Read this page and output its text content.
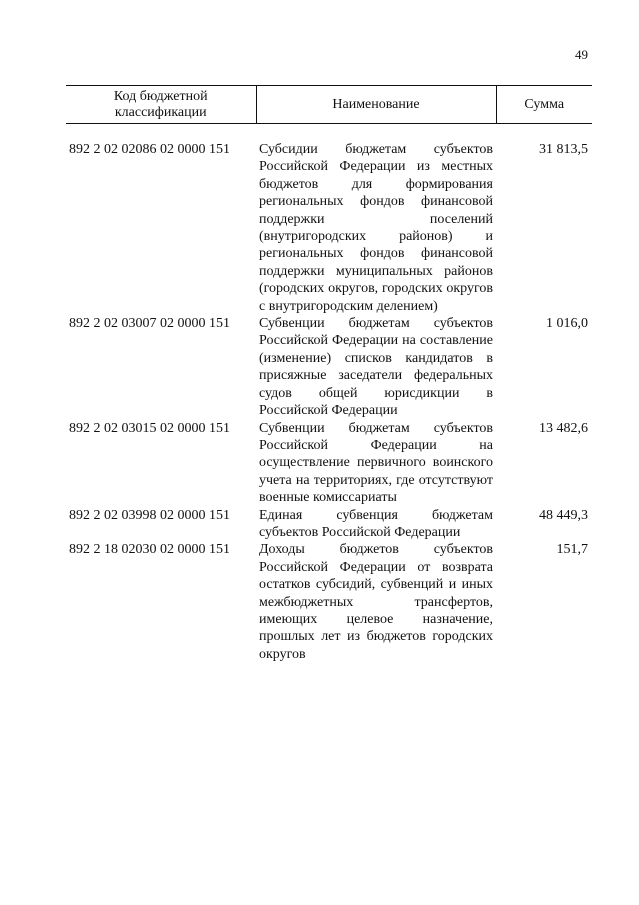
49
Код бюджетной классификации	Наименование	Сумма

892 2 02 02086 02 0000 151	Субсидии бюджетам субъектов Российской Федерации из местных бюджетов для формирования региональных фондов финансовой поддержки поселений (внутригородских районов) и региональных фондов финансовой поддержки муниципальных районов (городских округов, городских округов с внутригородским делением)	31 813,5
892 2 02 03007 02 0000 151	Субвенции бюджетам субъектов Российской Федерации на составление (изменение) списков кандидатов в присяжные заседатели федеральных судов общей юрисдикции в Российской Федерации	1 016,0
892 2 02 03015 02 0000 151	Субвенции бюджетам субъектов Российской Федерации на осуществление первичного воинского учета на территориях, где отсутствуют военные комиссариаты	13 482,6
892 2 02 03998 02 0000 151	Единая субвенция бюджетам субъектов Российской Федерации	48 449,3
892 2 18 02030 02 0000 151	Доходы бюджетов субъектов Российской Федерации от возврата остатков субсидий, субвенций и иных межбюджетных трансфертов, имеющих целевое назначение, прошлых лет из бюджетов городских округов	151,7
